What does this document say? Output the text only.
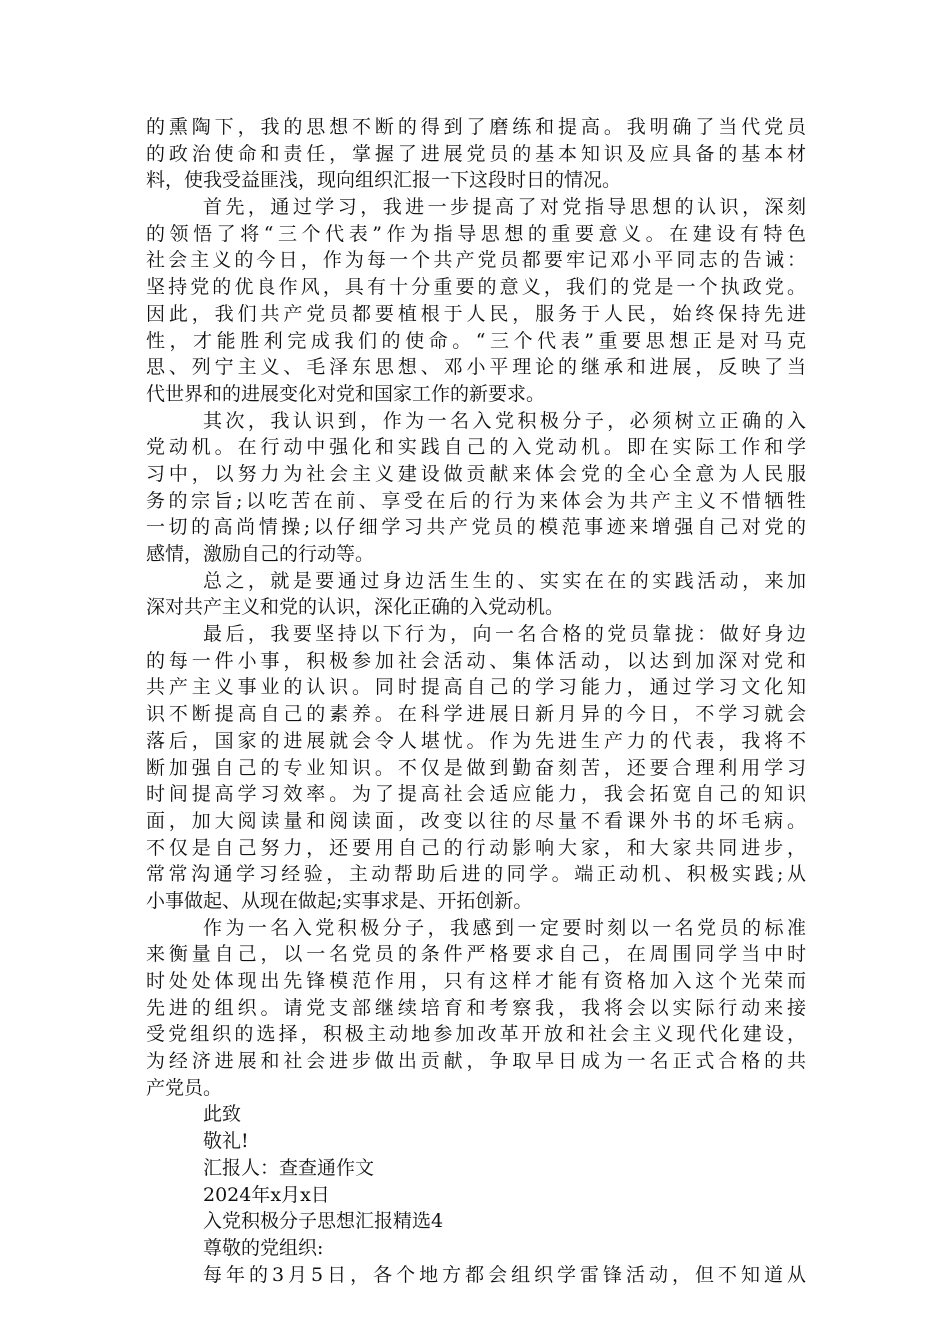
的熏陶下，我的思想不断的得到了磨练和提高。我明确了当代党员
的政治使命和责任，掌握了进展党员的基本知识及应具备的基本材
料，使我受益匪浅，现向组织汇报一下这段时日的情况。
首先，通过学习，我进一步提高了对党指导思想的认识，深刻
的领悟了将“三个代表”作为指导思想的重要意义。在建设有特色
社会主义的今日，作为每一个共产党员都要牢记邓小平同志的告诫：
坚持党的优良作风，具有十分重要的意义，我们的党是一个执政党。
因此，我们共产党员都要植根于人民，服务于人民，始终保持先进
性，才能胜利完成我们的使命。“三个代表”重要思想正是对马克
思、列宁主义、毛泽东思想、邓小平理论的继承和进展，反映了当
代世界和的进展变化对党和国家工作的新要求。
其次，我认识到，作为一名入党积极分子，必须树立正确的入
党动机。在行动中强化和实践自己的入党动机。即在实际工作和学
习中，以努力为社会主义建设做贡献来体会党的全心全意为人民服
务的宗旨;以吃苦在前、享受在后的行为来体会为共产主义不惜牺牲
一切的高尚情操;以仔细学习共产党员的模范事迹来增强自己对党的
感情，激励自己的行动等。
总之，就是要通过身边活生生的、实实在在的实践活动，来加
深对共产主义和党的认识，深化正确的入党动机。
最后，我要坚持以下行为，向一名合格的党员靠拢：做好身边
的每一件小事，积极参加社会活动、集体活动，以达到加深对党和
共产主义事业的认识。同时提高自己的学习能力，通过学习文化知
识不断提高自己的素养。在科学进展日新月异的今日，不学习就会
落后，国家的进展就会令人堪忧。作为先进生产力的代表，我将不
断加强自己的专业知识。不仅是做到勤奋刻苦，还要合理利用学习
时间提高学习效率。为了提高社会适应能力，我会拓宽自己的知识
面，加大阅读量和阅读面，改变以往的尽量不看课外书的坏毛病。
不仅是自己努力，还要用自己的行动影响大家，和大家共同进步，
常常沟通学习经验，主动帮助后进的同学。端正动机、积极实践;从
小事做起、从现在做起;实事求是、开拓创新。
作为一名入党积极分子，我感到一定要时刻以一名党员的标准
来衡量自己，以一名党员的条件严格要求自己，在周围同学当中时
时处处体现出先锋模范作用，只有这样才能有资格加入这个光荣而
先进的组织。请党支部继续培育和考察我，我将会以实际行动来接
受党组织的选择，积极主动地参加改革开放和社会主义现代化建设，
为经济进展和社会进步做出贡献，争取早日成为一名正式合格的共
产党员。
此致
敬礼!
汇报人：查查通作文
2024年x月x日
入党积极分子思想汇报精选4
尊敬的党组织:
每年的3月5日，各个地方都会组织学雷锋活动，但不知道从
